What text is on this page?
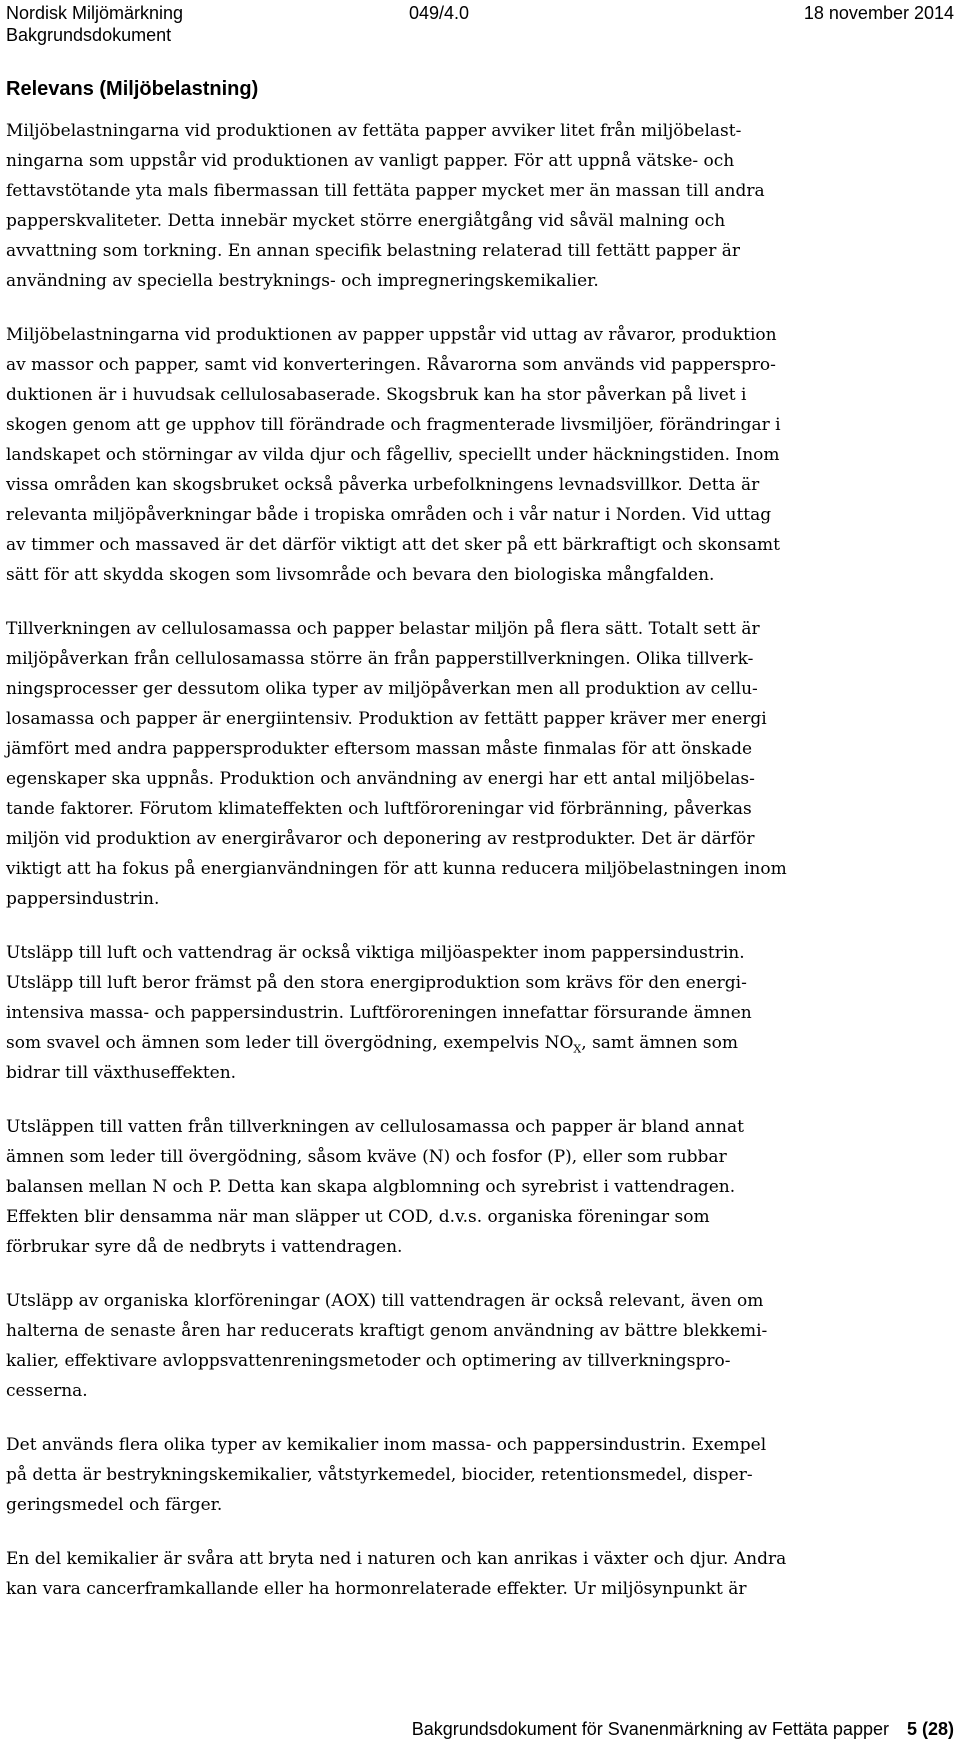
Nordisk Miljömärkning
Bakgrundsdokument
049/4.0	18 november 2014
Relevans (Miljöbelastning)

Miljöbelastningarna vid produktionen av fettäta papper avviker litet från miljöbelast-
ningarna som uppstår vid produktionen av vanligt papper. För att uppnå vätske- och
fettavstötande yta mals fibermassan till fettäta papper mycket mer än massan till andra
papperskvaliteter. Detta innebär mycket större energiåtgång vid såväl malning och
avvattning som torkning. En annan specifik belastning relaterad till fettätt papper är
användning av speciella bestryknings- och impregneringskemikalier.

Miljöbelastningarna vid produktionen av papper uppstår vid uttag av råvaror, produktion
av massor och papper, samt vid konverteringen. Råvarorna som används vid papperspro-
duktionen är i huvudsak cellulosabaserade. Skogsbruk kan ha stor påverkan på livet i
skogen genom att ge upphov till förändrade och fragmenterade livsmiljöer, förändringar i
landskapet och störningar av vilda djur och fågelliv, speciellt under häckningstiden. Inom
vissa områden kan skogsbruket också påverka urbefolkningens levnadsvillkor. Detta är
relevanta miljöpåverkningar både i tropiska områden och i vår natur i Norden. Vid uttag
av timmer och massaved är det därför viktigt att det sker på ett bärkraftigt och skonsamt
sätt för att skydda skogen som livsområde och bevara den biologiska mångfalden.

Tillverkningen av cellulosamassa och papper belastar miljön på flera sätt. Totalt sett är
miljöpåverkan från cellulosamassa större än från papperstillverkningen. Olika tillverk-
ningsprocesser ger dessutom olika typer av miljöpåverkan men all produktion av cellu-
losamassa och papper är energiintensiv. Produktion av fettätt papper kräver mer energi
jämfört med andra pappersprodukter eftersom massan måste finmalas för att önskade
egenskaper ska uppnås. Produktion och användning av energi har ett antal miljöbelas-
tande faktorer. Förutom klimateffekten och luftföroreningar vid förbränning, påverkas
miljön vid produktion av energiråvaror och deponering av restprodukter. Det är därför
viktigt att ha fokus på energianvändningen för att kunna reducera miljöbelastningen inom
pappersindustrin.

Utsläpp till luft och vattendrag är också viktiga miljöaspekter inom pappersindustrin.
Utsläpp till luft beror främst på den stora energiproduktion som krävs för den energi-
intensiva massa- och pappersindustrin. Luftföroreningen innefattar försurande ämnen
som svavel och ämnen som leder till övergödning, exempelvis $NO_X$, samt ämnen som
bidrar till växthuseffekten.

Utsläppen till vatten från tillverkningen av cellulosamassa och papper är bland annat
ämnen som leder till övergödning, såsom kväve (N) och fosfor (P), eller som rubbar
balansen mellan N och P. Detta kan skapa algblomning och syrebrist i vattendragen.
Effekten blir densamma när man släpper ut COD, d.v.s. organiska föreningar som
förbrukar syre då de nedbryts i vattendragen.

Utsläpp av organiska klorföreningar (AOX) till vattendragen är också relevant, även om
halterna de senaste åren har reducerats kraftigt genom användning av bättre blekkemi-
kalier, effektivare avloppsvattenreningsmetoder och optimering av tillverkningspro-
cesserna.

Det används flera olika typer av kemikalier inom massa- och pappersindustrin. Exempel
på detta är bestrykningskemikalier, våtstyrkemedel, biocider, retentionsmedel, disper-
geringsmedel och färger.

En del kemikalier är svåra att bryta ned i naturen och kan anrikas i växter och djur. Andra
kan vara cancerframkallande eller ha hormonrelaterade effekter. Ur miljösynpunkt är

Bakgrundsdokument för Svanenmärkning av Fettäta papper 5 (28)
